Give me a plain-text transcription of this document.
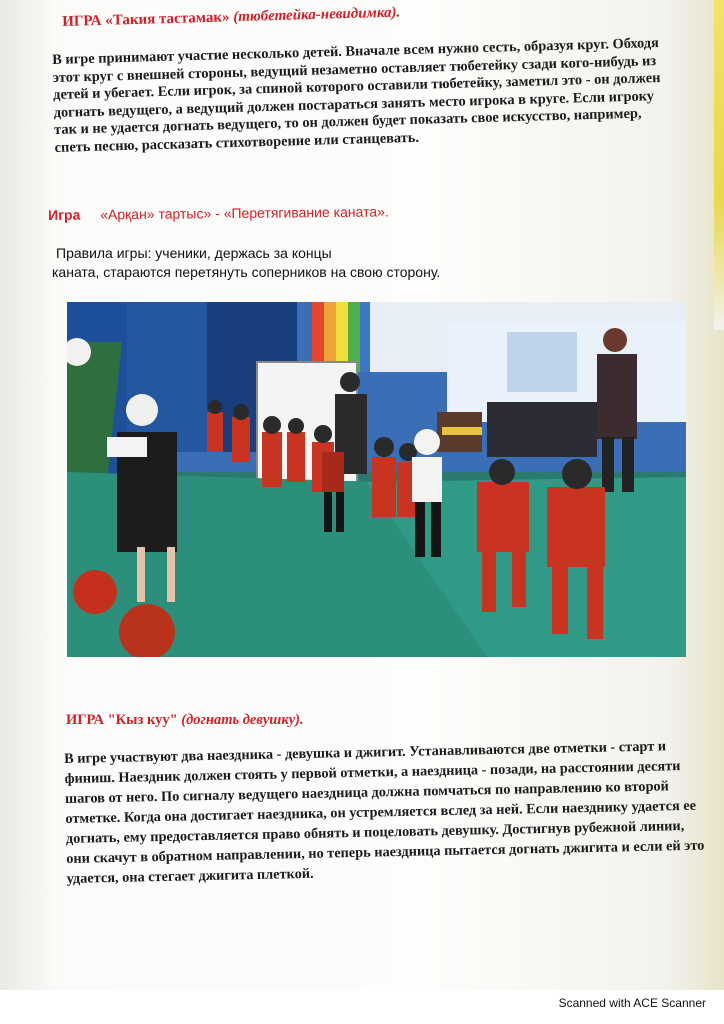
ИГРА «Такия тастамак» (тюбетейка-невидимка).
В игре принимают участие несколько детей. Вначале всем нужно сесть, образуя круг. Обходя этот круг с внешней стороны, ведущий незаметно оставляет тюбетейку сзади кого-нибудь из детей и убегает. Если игрок, за спиной которого оставили тюбетейку, заметил это - он должен догнать ведущего, а ведущий должен постараться занять место игрока в круге. Если игроку так и не удается догнать ведущего, то он должен будет показать свое искусство, например, спеть песню, рассказать стихотворение или станцевать.
Игра «Арқан» тартыс» - «Перетягивание каната».
Правила игры: ученики, держась за концы
каната, стараются перетянуть соперников на свою сторону.
ИГРА "Кыз куу" (догнать девушку).
В игре участвуют два наездника - девушка и джигит. Устанавливаются две отметки - старт и финиш. Наездник должен стоять у первой отметки, а наездница - позади, на расстоянии десяти шагов от него. По сигналу ведущего наездница должна помчаться по направлению ко второй отметке. Когда она достигает наездника, он устремляется вслед за ней. Если наезднику удается ее догнать, ему предоставляется право обнять и поцеловать девушку. Достигнув рубежной линии, они скачут в обратном направлении, но теперь наездница пытается догнать джигита и если ей это удается, она стегает джигита плеткой.
Scanned with ACE Scanner
